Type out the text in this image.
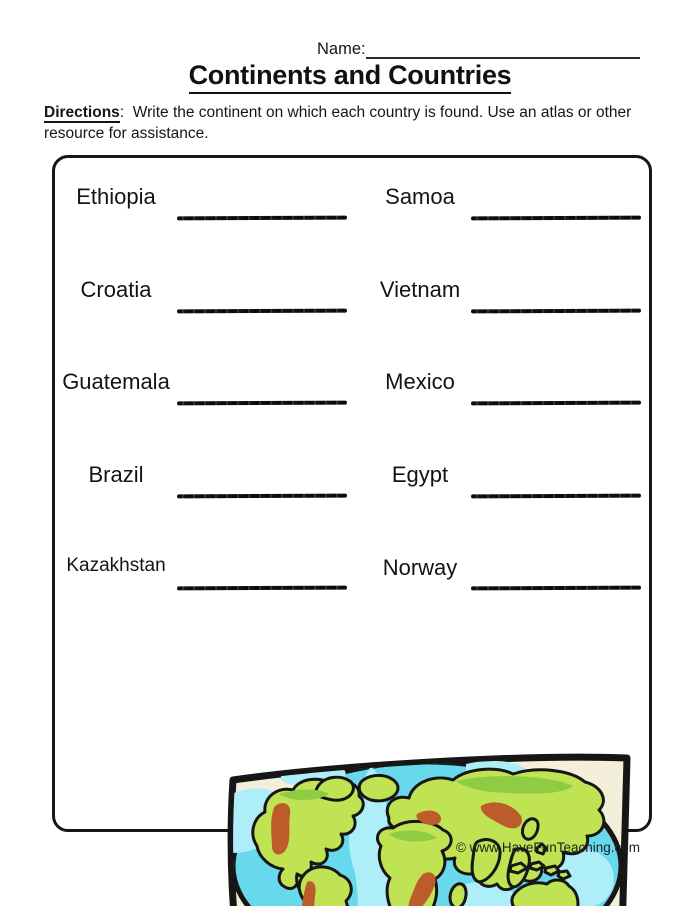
Name:
Continents and Countries
Directions: Write the continent on which each country is found. Use an atlas or other
resource for assistance.
Ethiopia	Samoa
Croatia	Vietnam
Guatemala	Mexico
Brazil	Egypt
Kazakhstan	Norway
© www.HaveFunTeaching.com
